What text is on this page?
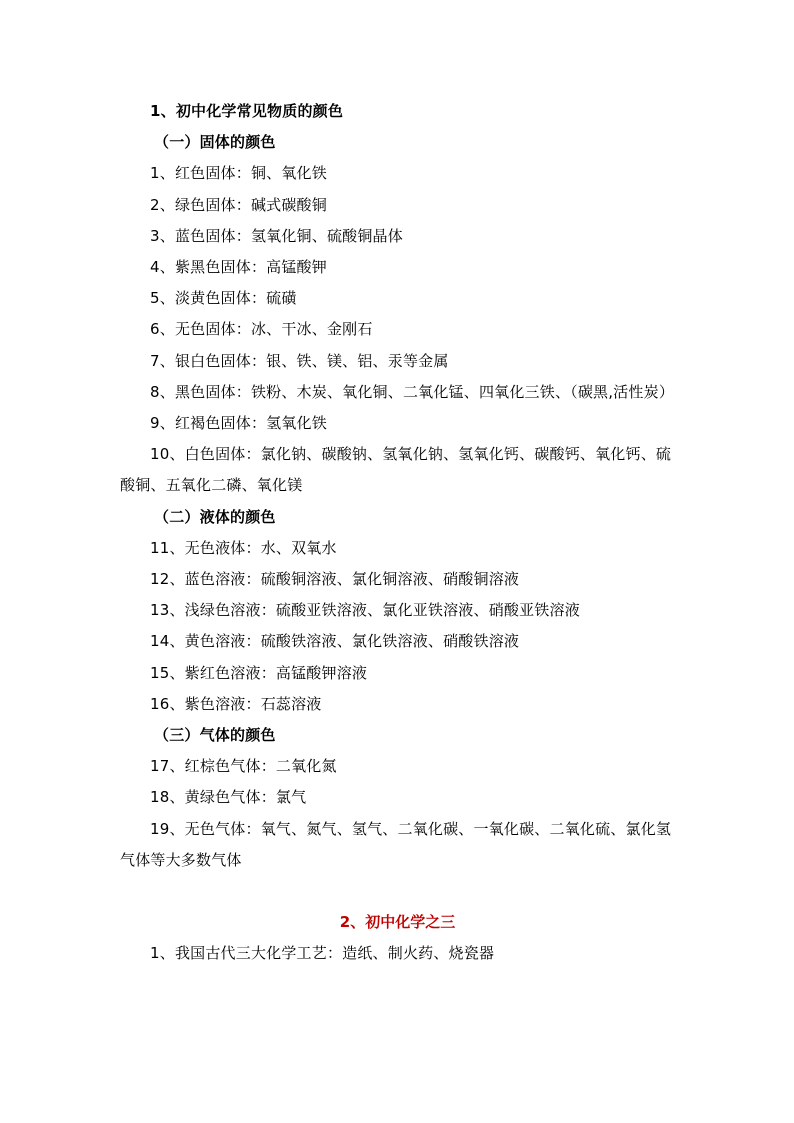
1、初中化学常见物质的颜色
（一）固体的颜色
1、红色固体：铜、氧化铁
2、绿色固体：碱式碳酸铜
3、蓝色固体：氢氧化铜、硫酸铜晶体
4、紫黑色固体：高锰酸钾
5、淡黄色固体：硫磺
6、无色固体：冰、干冰、金刚石
7、银白色固体：银、铁、镁、铝、汞等金属
8、黑色固体：铁粉、木炭、氧化铜、二氧化锰、四氧化三铁、（碳黑,活性炭）
9、红褐色固体：氢氧化铁
10、白色固体：氯化钠、碳酸钠、氢氧化钠、氢氧化钙、碳酸钙、氧化钙、硫酸铜、五氧化二磷、氧化镁
（二）液体的颜色
11、无色液体：水、双氧水
12、蓝色溶液：硫酸铜溶液、氯化铜溶液、硝酸铜溶液
13、浅绿色溶液：硫酸亚铁溶液、氯化亚铁溶液、硝酸亚铁溶液
14、黄色溶液：硫酸铁溶液、氯化铁溶液、硝酸铁溶液
15、紫红色溶液：高锰酸钾溶液
16、紫色溶液：石蕊溶液
（三）气体的颜色
17、红棕色气体：二氧化氮
18、黄绿色气体：氯气
19、无色气体：氧气、氮气、氢气、二氧化碳、一氧化碳、二氧化硫、氯化氢气体等大多数气体
2、初中化学之三
1、我国古代三大化学工艺：造纸、制火药、烧瓷器
